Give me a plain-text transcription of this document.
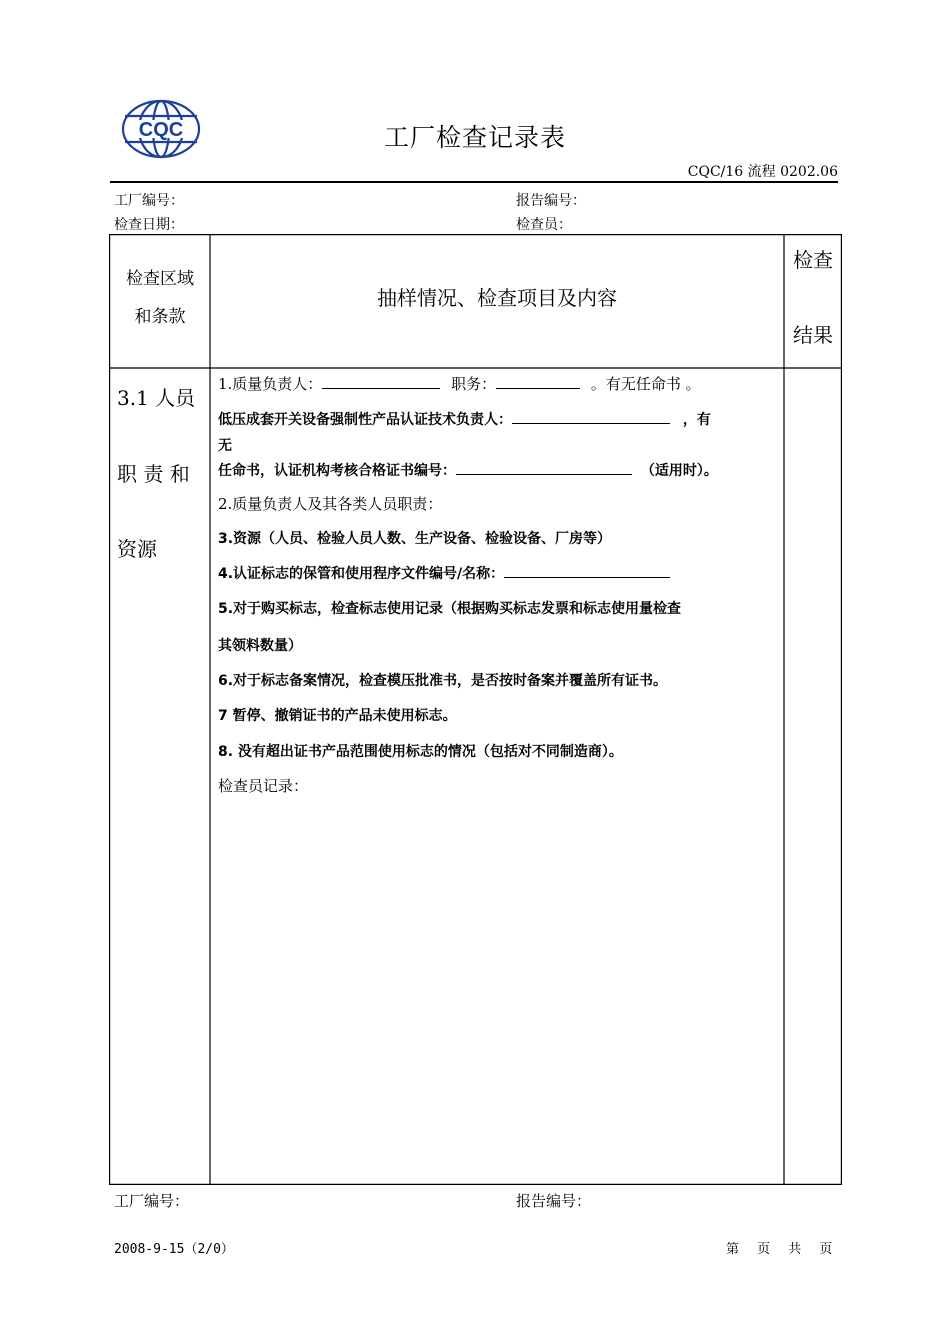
CQC	工厂检查记录表
CQC/16 流程 0202.06
工厂编号：	报告编号：
检查日期：	检查员：
检查区域
和条款
抽样情况、检查项目及内容
检查
结果
3.1 人员
职 责 和
资源
1.质量负责人：	职务：	。有无任命书 。
低压成套开关设备强制性产品认证技术负责人：	，有
无
任命书，认证机构考核合格证书编号：	（适用时）。
2.质量负责人及其各类人员职责：
3.资源（人员、检验人员人数、生产设备、检验设备、厂房等）
4.认证标志的保管和使用程序文件编号/名称：
5.对于购买标志，检查标志使用记录（根据购买标志发票和标志使用量检查
其领料数量）
6.对于标志备案情况，检查模压批准书，是否按时备案并覆盖所有证书。
7 暂停、撤销证书的产品未使用标志。
8. 没有超出证书产品范围使用标志的情况（包括对不同制造商）。
检查员记录：
工厂编号：	报告编号：
2008-9-15（2/0）	第 页 共 页
